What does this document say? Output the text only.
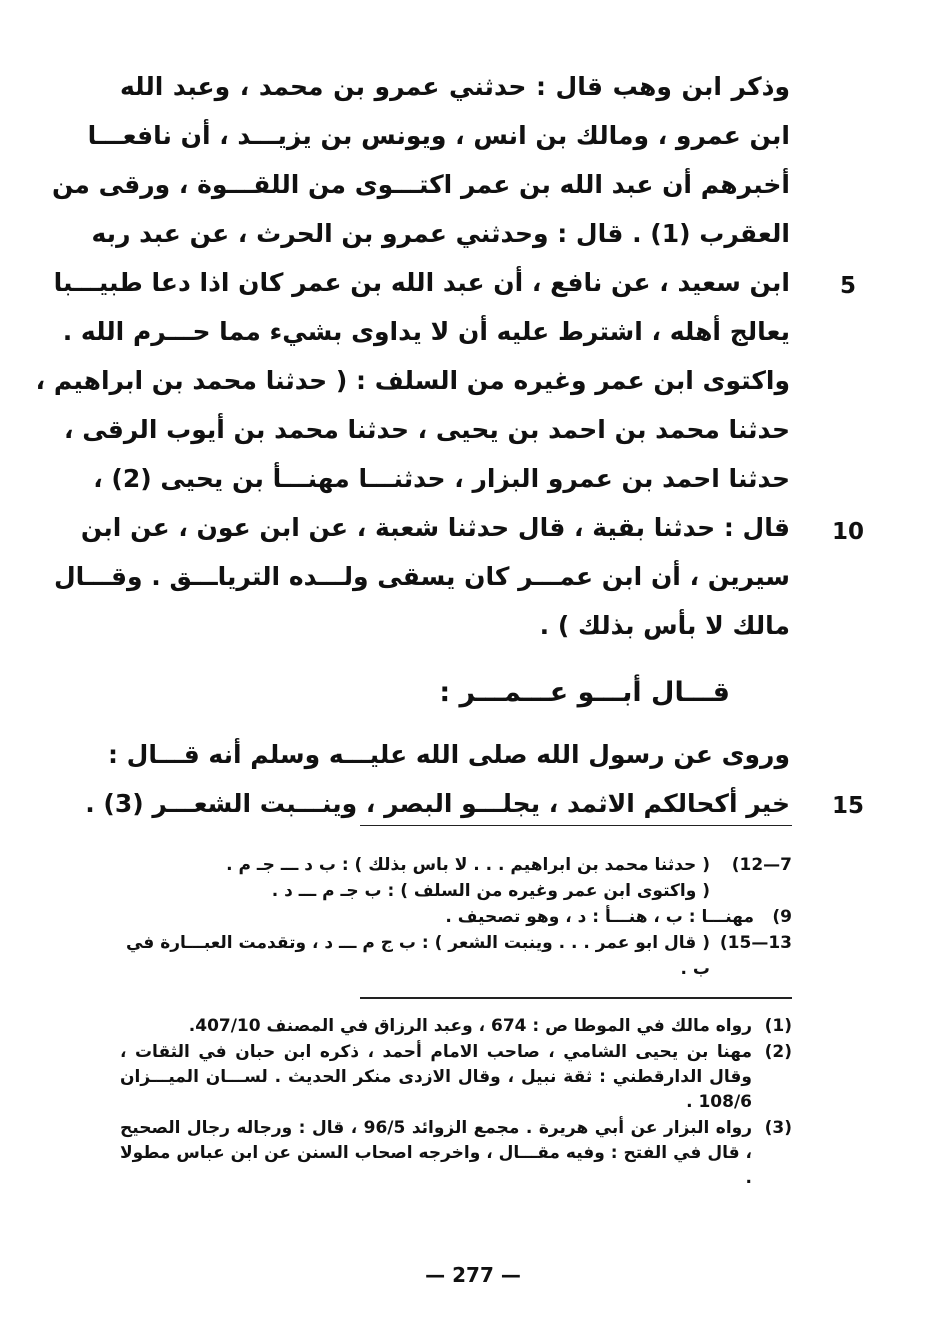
وذكر ابن وهب قال : حدثني عمرو بن محمد ، وعبد الله
ابن عمرو ، ومالك بن انس ، ويونس بن يزيـــد ، أن نافعـــا
أخبرهم أن عبد الله بن عمر اكتـــوى من اللقـــوة ، ورقى من
العقرب (1) . قال : وحدثني عمرو بن الحرث ، عن عبد ربه
ابن سعيد ، عن نافع ، أن عبد الله بن عمر كان اذا دعا طبيـــبا
يعالج أهله ، اشترط عليه أن لا يداوى بشيء مما حـــرم الله .
واكتوى ابن عمر وغيره من السلف : ( حدثنا محمد بن ابراهيم ،
حدثنا محمد بن احمد بن يحيى ، حدثنا محمد بن أيوب الرقى ،
حدثنا احمد بن عمرو البزار ، حدثنـــا مهنـــأ بن يحيى (2) ،
قال : حدثنا بقية ، قال حدثنا شعبة ، عن ابن عون ، عن ابن
سيرين ، أن ابن عمـــر كان يسقى ولـــده الترياـــق . وقـــال
مالك لا بأس بذلك ) .
5
10
15
قـــال أبـــو عـــمـــر :
وروى عن رسول الله صلى الله عليـــه وسلم أنه قـــال :
خير أكحالكم الاثمد ، يجلـــو البصر ، وينـــبت الشعـــر (3) .
7—12)
( حدثنا محمد بن ابراهيم . . . لا باس بذلك ) : ب د ـــ جـ م .
( واكتوى ابن عمر وغيره من السلف ) : ب جـ م ـــ د .
9)
مهنـــا : ب ، هنـــأ : د ، وهو تصحيف .
13—15)
( قال ابو عمر . . . وينبت الشعر ) : ب ج م ـــ د ، وتقدمت العبـــارة في ب .
(1)
رواه مالك في الموطا ص : 674 ، وعبد الرزاق في المصنف 407/10.
(2)
مهنا بن يحيى الشامي ، صاحب الامام أحمد ، ذكره ابن حبان في الثقات ، وقال الدارقطني : ثقة نبيل ، وقال الازدى منكر الحديث . لســـان الميـــزان 108/6 .
(3)
رواه البزار عن أبي هريرة . مجمع الزوائد 96/5 ، قال : ورجاله رجال الصحيح ، قال في الفتح : وفيه مقـــال ، واخرجه اصحاب السنن عن ابن عباس مطولا .
— 277 —
